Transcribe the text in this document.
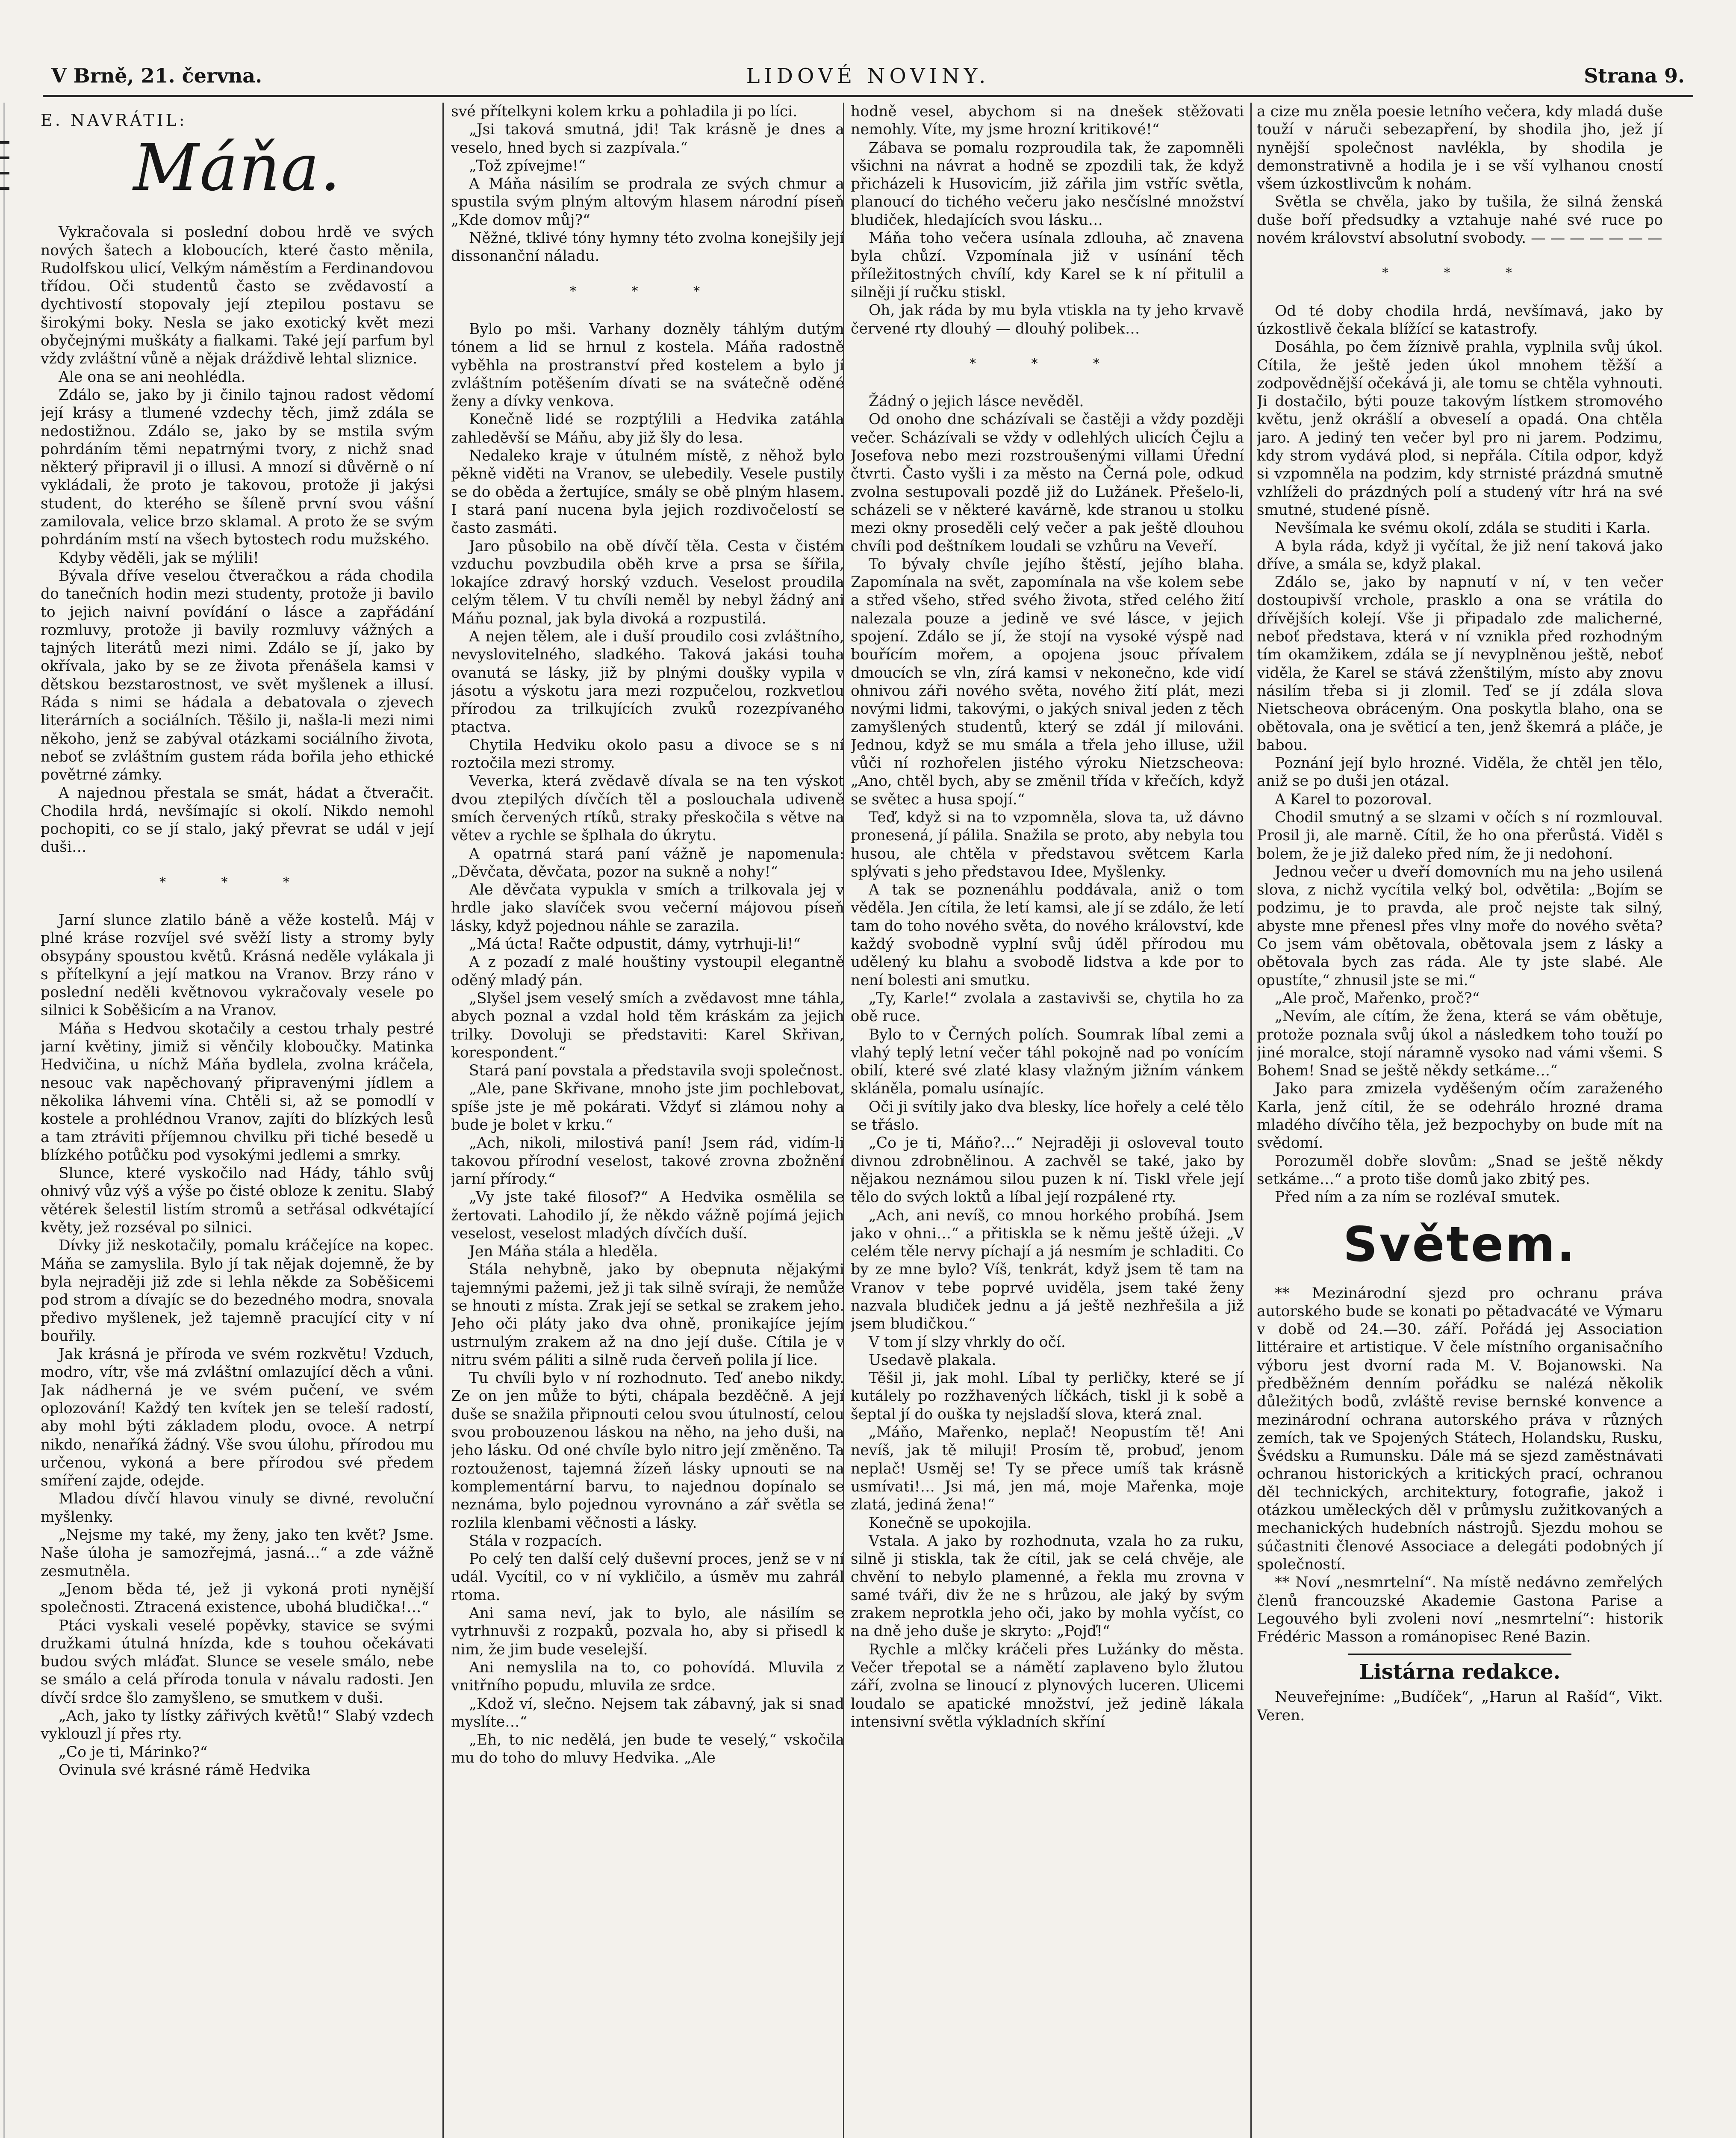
V Brně, 21. června.	LIDOVÉ NOVINY.	Strana 9.

E. NAVRÁTIL:

Máňa.

Vykračovala si poslední dobou hrdě ve svých nových šatech a kloboucích, které často měnila, Rudolfskou ulicí, Velkým náměstím a Ferdinandovou třídou. Oči studentů často se zvědavostí a dychtivostí stopovaly její ztepilou postavu se širokými boky. Nesla se jako exotický květ mezi obyčejnými muškáty a fialkami. Také její parfum byl vždy zvláštní vůně a nějak dráždivě lehtal sliznice.

Ale ona se ani neohlédla.

Zdálo se, jako by ji činilo tajnou radost vědomí její krásy a tlumené vzdechy těch, jimž zdála se nedostižnou. Zdálo se, jako by se mstila svým pohrdáním těmi nepatrnými tvory, z nichž snad některý připravil ji o illusi. A mnozí si důvěrně o ní vykládali, že proto je takovou, protože ji jakýsi student, do kterého se šíleně první svou vášní zamilovala, velice brzo sklamal. A proto že se svým pohrdáním mstí na všech bytostech rodu mužského.

Kdyby věděli, jak se mýlili!

Bývala dříve veselou čtveračkou a ráda chodila do tanečních hodin mezi studenty, protože ji bavilo to jejich naivní povídání o lásce a zapřádání rozmluvy, protože ji bavily rozmluvy vážných a tajných literátů mezi nimi. Zdálo se jí, jako by okřívala, jako by se ze života přenášela kamsi v dětskou bezstarostnost, ve svět myšlenek a illusí. Ráda s nimi se hádala a debatovala o zjevech literárních a sociálních. Těšilo ji, našla-li mezi nimi někoho, jenž se zabýval otázkami sociálního života, neboť se zvláštním gustem ráda bořila jeho ethické povětrné zámky.

A najednou přestala se smát, hádat a čtveračit. Chodila hrdá, nevšímajíc si okolí. Nikdo nemohl pochopiti, co se jí stalo, jaký převrat se udál v její duši…

* * *

Jarní slunce zlatilo báně a věže kostelů. Máj v plné kráse rozvíjel své svěží listy a stromy byly obsypány spoustou květů. Krásná neděle vylákala ji s přítelkyní a její matkou na Vranov. Brzy ráno v poslední neděli květnovou vykračovaly vesele po silnici k Soběšicím a na Vranov.

Máňa s Hedvou skotačily a cestou trhaly pestré jarní květiny, jimiž si věnčily kloboučky. Matinka Hedvičina, u níchž Máňa bydlela, zvolna kráčela, nesouc vak napěchovaný připravenými jídlem a několika láhvemi vína. Chtěli si, až se pomodlí v kostele a prohlédnou Vranov, zajíti do blízkých lesů a tam ztráviti příjemnou chvilku při tiché besedě u blízkého potůčku pod vysokými jedlemi a smrky.

Slunce, které vyskočilo nad Hády, táhlo svůj ohnivý vůz výš a výše po čisté obloze k zenitu. Slabý větérek šelestil listím stromů a setřásal odkvétající květy, jež rozséval po silnici.

Dívky již neskotačily, pomalu kráčejíce na kopec. Máňa se zamyslila. Bylo jí tak nějak dojemně, že by byla nejraději již zde si lehla někde za Soběšicemi pod strom a dívajíc se do bezedného modra, snovala předivo myšlenek, jež tajemně pracující city v ní bouřily.

Jak krásná je příroda ve svém rozkvětu! Vzduch, modro, vítr, vše má zvláštní omlazující děch a vůni. Jak nádherná je ve svém pučení, ve svém oplozování! Každý ten kvítek jen se teleší radostí, aby mohl býti základem plodu, ovoce. A netrpí nikdo, nenaříká žádný. Vše svou úlohu, přírodou mu určenou, vykoná a bere přírodou své předem smíření zajde, odejde.

Mladou dívčí hlavou vinuly se divné, revoluční myšlenky.

„Nejsme my také, my ženy, jako ten květ? Jsme. Naše úloha je samozřejmá, jasná…“ a zde vážně zesmutněla.

„Jenom běda té, jež ji vykoná proti nynější společnosti. Ztracená existence, ubohá bludička!…“

Ptáci vyskali veselé popěvky, stavice se svými družkami útulná hnízda, kde s touhou očekávati budou svých mláďat. Slunce se vesele smálo, nebe se smálo a celá příroda tonula v návalu radosti. Jen dívčí srdce šlo zamyšleno, se smutkem v duši.

„Ach, jako ty lístky zářivých květů!“ Slabý vzdech vyklouzl jí přes rty.

„Co je ti, Márinko?“

Ovinula své krásné rámě Hedvika

své přítelkyni kolem krku a pohladila ji po líci.

„Jsi taková smutná, jdi! Tak krásně je dnes a veselo, hned bych si zazpívala.“

„Tož zpívejme!“

A Máňa násilím se prodrala ze svých chmur a spustila svým plným altovým hlasem národní píseň „Kde domov můj?“

Něžné, tklivé tóny hymny této zvolna konejšily její dissonanční náladu.

* * *

Bylo po mši. Varhany dozněly táhlým dutým tónem a lid se hrnul z kostela. Máňa radostně vyběhla na prostranství před kostelem a bylo jí zvláštním potěšením dívati se na svátečně oděné ženy a dívky venkova.

Konečně lidé se rozptýlili a Hedvika zatáhla zahleděvší se Máňu, aby již šly do lesa.

Nedaleko kraje v útulném místě, z něhož bylo pěkně viděti na Vranov, se ulebedily. Vesele pustily se do oběda a žertujíce, smály se obě plným hlasem. I stará paní nucena byla jejich rozdivočelostí se často zasmáti.

Jaro působilo na obě dívčí těla. Cesta v čistém vzduchu povzbudila oběh krve a prsa se šířila, lokajíce zdravý horský vzduch. Veselost proudila celým tělem. V tu chvíli neměl by nebyl žádný ani Máňu poznal, jak byla divoká a rozpustilá.

A nejen tělem, ale i duší proudilo cosi zvláštního, nevyslovitelného, sladkého. Taková jakási touha ovanutá se lásky, již by plnými doušky vypila v jásotu a výskotu jara mezi rozpučelou, rozkvetlou přírodou za trilkujících zvuků rozezpívaného ptactva.

Chytila Hedviku okolo pasu a divoce se s ní roztočila mezi stromy.

Veverka, která zvědavě dívala se na ten výskot dvou ztepilých dívčích těl a poslouchala udiveně smích červených rtíků, straky přeskočila s větve na větev a rychle se šplhala do úkrytu.

A opatrná stará paní vážně je napomenula: „Děvčata, děvčata, pozor na sukně a nohy!“

Ale děvčata vypukla v smích a trilkovala jej v hrdle jako slavíček svou večerní májovou píseň lásky, když pojednou náhle se zarazila.

„Má úcta! Račte odpustit, dámy, vytrhuji-li!“

A z pozadí z malé houštiny vystoupil elegantně oděný mladý pán.

„Slyšel jsem veselý smích a zvědavost mne táhla, abych poznal a vzdal hold těm kráskám za jejich trilky. Dovoluji se představiti: Karel Skřivan, korespondent.“

Stará paní povstala a představila svoji společnost.

„Ale, pane Skřivane, mnoho jste jim pochlebovat, spíše jste je mě pokárati. Vždyť si zlámou nohy a bude je bolet v krku.“

„Ach, nikoli, milostivá paní! Jsem rád, vidím-li takovou přírodní veselost, takové zrovna zbožnění jarní přírody.“

„Vy jste také filosof?“ A Hedvika osmělila se žertovati. Lahodilo jí, že někdo vážně pojímá jejich veselost, veselost mladých dívčích duší.

Jen Máňa stála a hleděla.

Stála nehybně, jako by obepnuta nějakými tajemnými pažemi, jež ji tak silně svíraji, že nemůže se hnouti z místa. Zrak její se setkal se zrakem jeho. Jeho oči pláty jako dva ohně, pronikajíce jejím ustrnulým zrakem až na dno její duše. Cítila je v nitru svém páliti a silně ruda červeň polila jí lice.

Tu chvíli bylo v ní rozhodnuto. Teď anebo nikdy. Ze on jen může to býti, chápala bezděčně. A její duše se snažila připnouti celou svou útulností, celou svou probouzenou láskou na něho, na jeho duši, na jeho lásku. Od oné chvíle bylo nitro její změněno. Ta roztouženost, tajemná žízeň lásky upnouti se na komplementární barvu, to najednou dopínalo se neznáma, bylo pojednou vyrovnáno a zář světla se rozlila klenbami věčnosti a lásky.

Stála v rozpacích.

Po celý ten další celý duševní proces, jenž se v ní udál. Vycítil, co v ní vykličilo, a úsměv mu zahrál rtoma.

Ani sama neví, jak to bylo, ale násilím se vytrhnuvši z rozpaků, pozvala ho, aby si přisedl k nim, že jim bude veselejší.

Ani nemyslila na to, co pohovídá. Mluvila z vnitřního popudu, mluvila ze srdce.

„Kdož ví, slečno. Nejsem tak zábavný, jak si snad myslíte…“

„Eh, to nic nedělá, jen bude te veselý,“ vskočila mu do toho do mluvy Hedvika. „Ale

hodně vesel, abychom si na dnešek stěžovati nemohly. Víte, my jsme hrozní kritikové!“

Zábava se pomalu rozproudila tak, že zapomněli všichni na návrat a hodně se zpozdili tak, že když přicházeli k Husovicím, již zářila jim vstříc světla, planoucí do tichého večeru jako nesčíslné množství bludiček, hledajících svou lásku…

Máňa toho večera usínala zdlouha, ač znavena byla chůzí. Vzpomínala již v usínání těch příležitostných chvílí, kdy Karel se k ní přitulil a silněji jí ručku stiskl.

Oh, jak ráda by mu byla vtiskla na ty jeho krvavě červené rty dlouhý — dlouhý polibek…

* * *

Žádný o jejich lásce nevěděl.

Od onoho dne scházívali se častěji a vždy později večer. Scházívali se vždy v odlehlých ulicích Čejlu a Josefova nebo mezi rozstroušenými villami Úřední čtvrti. Často vyšli i za město na Černá pole, odkud zvolna sestupovali pozdě již do Lužánek. Přešelo-li, scházeli se v některé kavárně, kde stranou u stolku mezi okny proseděli celý večer a pak ještě dlouhou chvíli pod deštníkem loudali se vzhůru na Veveří.

To bývaly chvíle jejího štěstí, jejího blaha. Zapomínala na svět, zapomínala na vše kolem sebe a střed všeho, střed svého života, střed celého žití nalezala pouze a jedině ve své lásce, v jejich spojení. Zdálo se jí, že stojí na vysoké výspě nad bouřícím mořem, a opojena jsouc přívalem dmoucích se vln, zírá kamsi v nekonečno, kde vidí ohnivou záři nového světa, nového žití plát, mezi novými lidmi, takovými, o jakých snival jeden z těch zamyšlených studentů, který se zdál jí milováni. Jednou, když se mu smála a třela jeho illuse, užil vůči ní rozhořelen jistého výroku Nietzscheova: „Ano, chtěl bych, aby se změnil třída v křečích, když se světec a husa spojí.“

Teď, když si na to vzpomněla, slova ta, už dávno pronesená, jí pálila. Snažila se proto, aby nebyla tou husou, ale chtěla v představou světcem Karla splývati s jeho představou Idee, Myšlenky.

A tak se poznenáhlu poddávala, aniž o tom věděla. Jen cítila, že letí kamsi, ale jí se zdálo, že letí tam do toho nového světa, do nového království, kde každý svobodně vyplní svůj úděl přírodou mu udělený ku blahu a svobodě lidstva a kde por to není bolesti ani smutku.

„Ty, Karle!“ zvolala a zastavivši se, chytila ho za obě ruce.

Bylo to v Černých polích. Soumrak líbal zemi a vlahý teplý letní večer táhl pokojně nad po vonícím obilí, které své zlaté klasy vlažným jižním vánkem skláněla, pomalu usínajíc.

Oči ji svítily jako dva blesky, líce hořely a celé tělo se třáslo.

„Co je ti, Máňo?…“ Nejraději ji osloveval touto divnou zdrobnělinou. A zachvěl se také, jako by nějakou neznámou silou puzen k ní. Tiskl vřele její tělo do svých loktů a líbal její rozpálené rty.

„Ach, ani nevíš, co mnou horkého probíhá. Jsem jako v ohni…“ a přitiskla se k němu ještě úžeji. „V celém těle nervy píchají a já nesmím je schladiti. Co by ze mne bylo? Víš, tenkrát, když jsem tě tam na Vranov v tebe poprvé uviděla, jsem také ženy nazvala bludiček jednu a já ještě nezhřešila a již jsem bludičkou.“

V tom jí slzy vhrkly do očí.

Usedavě plakala.

Těšil ji, jak mohl. Líbal ty perličky, které se jí kutálely po rozžhavených líčkách, tiskl ji k sobě a šeptal jí do ouška ty nejsladší slova, která znal.

„Máňo, Mařenko, neplač! Neopustím tě! Ani nevíš, jak tě miluji! Prosím tě, probuď, jenom neplač! Usměj se! Ty se přece umíš tak krásně usmívati!… Jsi má, jen má, moje Mařenka, moje zlatá, jediná žena!“

Konečně se upokojila.

Vstala. A jako by rozhodnuta, vzala ho za ruku, silně ji stiskla, tak že cítil, jak se celá chvěje, ale chvění to nebylo plamenné, a řekla mu zrovna v samé tváři, div že ne s hrůzou, ale jaký by svým zrakem neprotkla jeho oči, jako by mohla vyčíst, co na dně jeho duše je skryto: „Pojď!“

Rychle a mlčky kráčeli přes Lužánky do města. Večer třepotal se a námětí zaplaveno bylo žlutou září, zvolna se linoucí z plynových luceren. Ulicemi loudalo se apatické množství, jež jedině lákala intensivní světla výkladních skříní

a cize mu zněla poesie letního večera, kdy mladá duše touží v náruči sebezapření, by shodila jho, jež jí nynější společnost navlékla, by shodila je demonstrativně a hodila je i se vší vylhanou cností všem úzkostlivcům k nohám.

Světla se chvěla, jako by tušila, že silná ženská duše boří předsudky a vztahuje nahé své ruce po novém království absolutní svobody. — — — — — — —

* * *

Od té doby chodila hrdá, nevšímavá, jako by úzkostlivě čekala blížící se katastrofy.

Dosáhla, po čem žíznivě prahla, vyplnila svůj úkol. Cítila, že ještě jeden úkol mnohem těžší a zodpovědnější očekává ji, ale tomu se chtěla vyhnouti. Ji dostačilo, býti pouze takovým lístkem stromového květu, jenž okrášlí a obveselí a opadá. Ona chtěla jaro. A jediný ten večer byl pro ni jarem. Podzimu, kdy strom vydává plod, si nepřála. Cítila odpor, když si vzpomněla na podzim, kdy strnisté prázdná smutně vzhlíželi do prázdných polí a studený vítr hrá na své smutné, studené písně.

Nevšímala ke svému okolí, zdála se studiti i Karla.

A byla ráda, když ji vyčítal, že již není taková jako dříve, a smála se, když plakal.

Zdálo se, jako by napnutí v ní, v ten večer dostoupivší vrchole, prasklo a ona se vrátila do dřívějších kolejí. Vše ji připadalo zde malicherné, neboť představa, která v ní vznikla před rozhodným tím okamžikem, zdála se jí nevyplněnou ještě, neboť viděla, že Karel se stává zženštilým, místo aby znovu násilím třeba si ji zlomil. Teď se jí zdála slova Nietscheova obráceným. Ona poskytla blaho, ona se obětovala, ona je světicí a ten, jenž škemrá a pláče, je babou.

Poznání její bylo hrozné. Viděla, že chtěl jen tělo, aniž se po duši jen otázal.

A Karel to pozoroval.

Chodil smutný a se slzami v očích s ní rozmlouval. Prosil ji, ale marně. Cítil, že ho ona přerůstá. Viděl s bolem, že je již daleko před ním, že ji nedohoní.

Jednou večer u dveří domovních mu na jeho usilená slova, z nichž vycítila velký bol, odvětila: „Bojím se podzimu, je to pravda, ale proč nejste tak silný, abyste mne přenesl přes vlny moře do nového světa? Co jsem vám obětovala, obětovala jsem z lásky a obětovala bych zas ráda. Ale ty jste slabé. Ale opustíte,“ zhnusil jste se mi.“

„Ale proč, Mařenko, proč?“

„Nevím, ale cítím, že žena, která se vám obětuje, protože poznala svůj úkol a následkem toho touží po jiné moralce, stojí náramně vysoko nad vámi všemi. S Bohem! Snad se ještě někdy setkáme…“

Jako para zmizela vyděšeným očím zaraženého Karla, jenž cítil, že se odehrálo hrozné drama mladého dívčího těla, jež bezpochyby on bude mít na svědomí.

Porozuměl dobře slovům: „Snad se ještě někdy setkáme…“ a proto tiše domů jako zbitý pes.

Před ním a za ním se rozlévaI smutek.

Světem.

** Mezinárodní sjezd pro ochranu práva autorského bude se konati po pětadvacáté ve Výmaru v době od 24.—30. září. Pořádá jej Association littéraire et artistique. V čele místního organisačního výboru jest dvorní rada M. V. Bojanowski. Na předběžném denním pořádku se nalézá několik důležitých bodů, zvláště revise bernské konvence a mezinárodní ochrana autorského práva v různých zemích, tak ve Spojených Státech, Holandsku, Rusku, Švédsku a Rumunsku. Dále má se sjezd zaměstnávati ochranou historických a kritických prací, ochranou děl technických, architektury, fotografie, jakož i otázkou uměleckých děl v průmyslu zužitkovaných a mechanických hudebních nástrojů. Sjezdu mohou se súčastniti členové Associace a delegáti podobných jí společností.

** Noví „nesmrtelní“. Na místě nedávno zemřelých členů francouzské Akademie Gastona Parise a Legouvého byli zvoleni noví „nesmrtelní“: historik Frédéric Masson a románopisec René Bazin.

Listárna redakce.

Neuveřejníme: „Budíček“, „Harun al Rašíd“, Vikt. Veren.
